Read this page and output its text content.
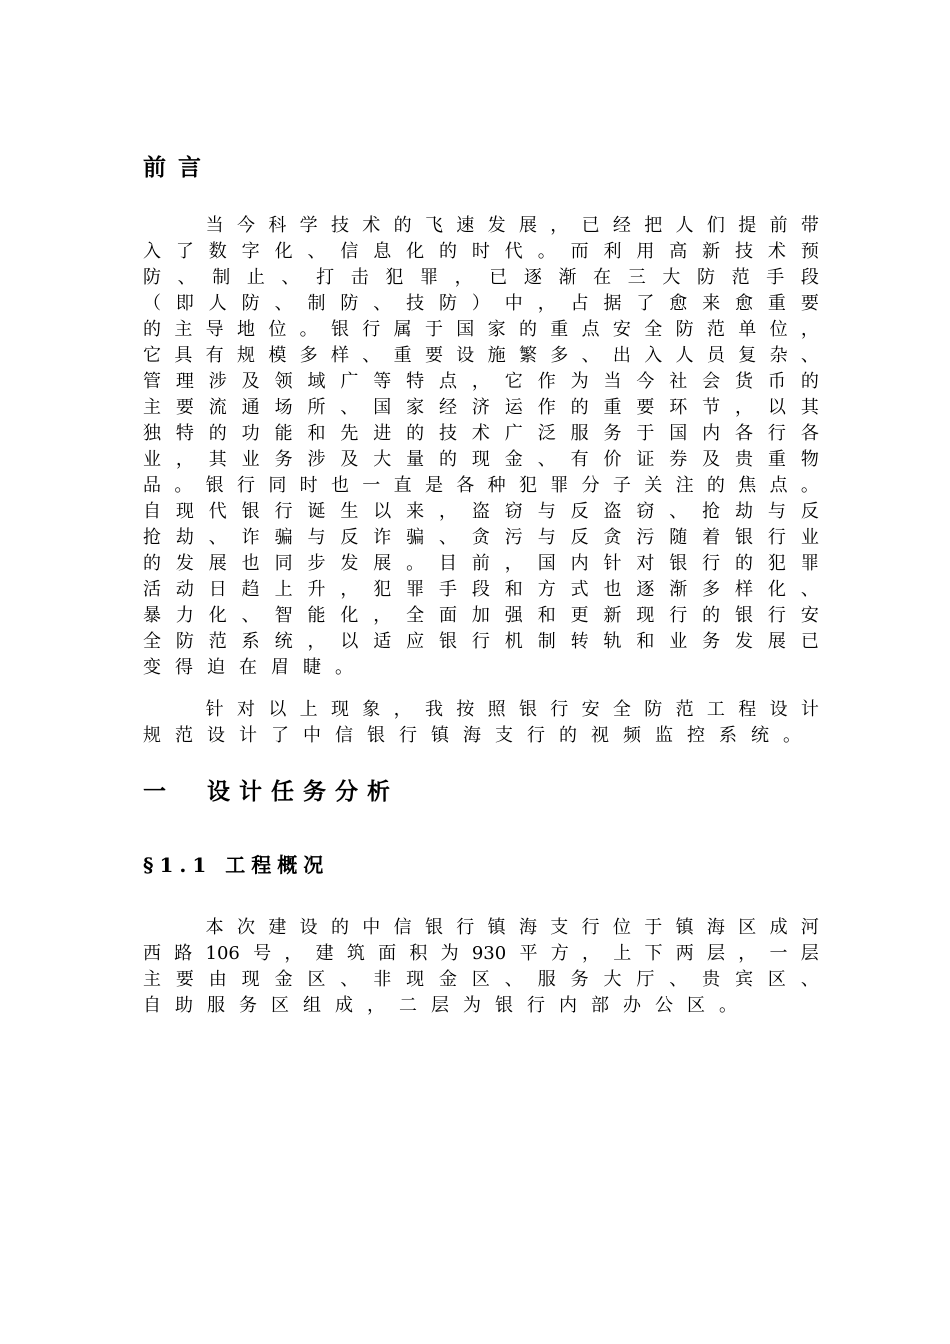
前言

当 今 科 学 技 术 的 飞 速 发 展 ， 已 经 把 人 们 提 前 带
入 了 数 字 化 、 信 息 化 的 时 代 。 而 利 用 高 新 技 术 预
防 、 制 止 、 打 击 犯 罪 ， 已 逐 渐 在 三 大 防 范 手 段
（ 即 人 防 、 制 防 、 技 防 ） 中 ， 占 据 了 愈 来 愈 重 要
的 主 导 地 位 。 银 行 属 于 国 家 的 重 点 安 全 防 范 单 位 ，
它 具 有 规 模 多 样 、 重 要 设 施 繁 多 、 出 入 人 员 复 杂 、
管 理 涉 及 领 域 广 等 特 点 ， 它 作 为 当 今 社 会 货 币 的
主 要 流 通 场 所 、 国 家 经 济 运 作 的 重 要 环 节 ， 以 其
独 特 的 功 能 和 先 进 的 技 术 广 泛 服 务 于 国 内 各 行 各
业 ， 其 业 务 涉 及 大 量 的 现 金 、 有 价 证 券 及 贵 重 物
品 。 银 行 同 时 也 一 直 是 各 种 犯 罪 分 子 关 注 的 焦 点 。
自 现 代 银 行 诞 生 以 来 ， 盗 窃 与 反 盗 窃 、 抢 劫 与 反
抢 劫 、 诈 骗 与 反 诈 骗 、 贪 污 与 反 贪 污 随 着 银 行 业
的 发 展 也 同 步 发 展 。 目 前 ， 国 内 针 对 银 行 的 犯 罪
活 动 日 趋 上 升 ， 犯 罪 手 段 和 方 式 也 逐 渐 多 样 化 、
暴 力 化 、 智 能 化 ， 全 面 加 强 和 更 新 现 行 的 银 行 安
全 防 范 系 统 ， 以 适 应 银 行 机 制 转 轨 和 业 务 发 展 已
变 得 迫 在 眉 睫 。

针 对 以 上 现 象 ， 我 按 照 银 行 安 全 防 范 工 程 设 计
规 范 设 计 了 中 信 银 行 镇 海 支 行 的 视 频 监 控 系 统 。
一　设计任务分析
§1.1 工程概况

本 次 建 设 的 中 信 银 行 镇 海 支 行 位 于 镇 海 区 成 河
西 路 106 号 ， 建 筑 面 积 为 930 平 方 ， 上 下 两 层 ， 一 层
主 要 由 现 金 区 、 非 现 金 区 、 服 务 大 厅 、 贵 宾 区 、
自 助 服 务 区 组 成 ， 二 层 为 银 行 内 部 办 公 区 。
